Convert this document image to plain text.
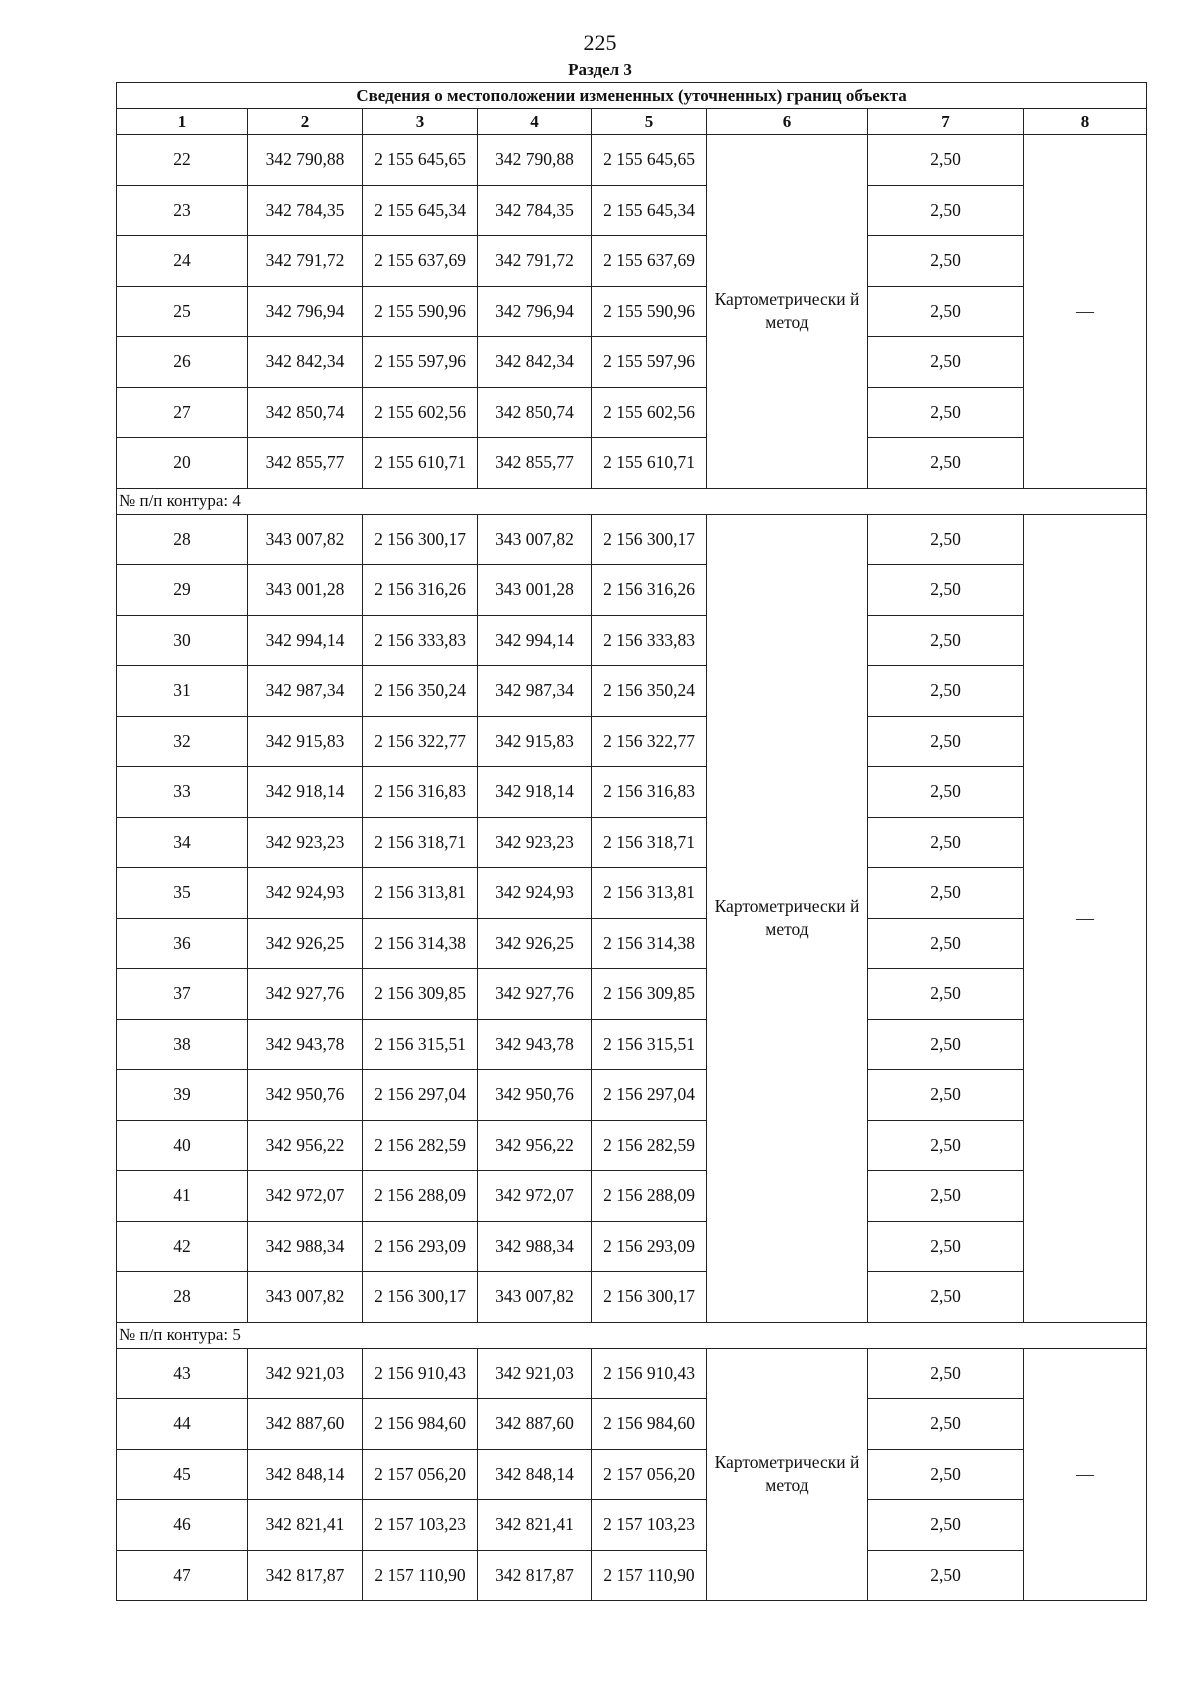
225
Раздел 3
Сведения о местоположении измененных (уточненных) границ объекта							
1	2	3	4	5	6	7	8
22	342 790,88	2 155 645,65	342 790,88	2 155 645,65	Картометрически й метод	2,50	—
23	342 784,35	2 155 645,34	342 784,35	2 155 645,34		2,50	
24	342 791,72	2 155 637,69	342 791,72	2 155 637,69		2,50	
25	342 796,94	2 155 590,96	342 796,94	2 155 590,96		2,50	
26	342 842,34	2 155 597,96	342 842,34	2 155 597,96		2,50	
27	342 850,74	2 155 602,56	342 850,74	2 155 602,56		2,50	
20	342 855,77	2 155 610,71	342 855,77	2 155 610,71		2,50	
№ п/п контура: 4							
28	343 007,82	2 156 300,17	343 007,82	2 156 300,17	Картометрически й метод	2,50	—
29	343 001,28	2 156 316,26	343 001,28	2 156 316,26		2,50	
30	342 994,14	2 156 333,83	342 994,14	2 156 333,83		2,50	
31	342 987,34	2 156 350,24	342 987,34	2 156 350,24		2,50	
32	342 915,83	2 156 322,77	342 915,83	2 156 322,77		2,50	
33	342 918,14	2 156 316,83	342 918,14	2 156 316,83		2,50	
34	342 923,23	2 156 318,71	342 923,23	2 156 318,71		2,50	
35	342 924,93	2 156 313,81	342 924,93	2 156 313,81		2,50	
36	342 926,25	2 156 314,38	342 926,25	2 156 314,38		2,50	
37	342 927,76	2 156 309,85	342 927,76	2 156 309,85		2,50	
38	342 943,78	2 156 315,51	342 943,78	2 156 315,51		2,50	
39	342 950,76	2 156 297,04	342 950,76	2 156 297,04		2,50	
40	342 956,22	2 156 282,59	342 956,22	2 156 282,59		2,50	
41	342 972,07	2 156 288,09	342 972,07	2 156 288,09		2,50	
42	342 988,34	2 156 293,09	342 988,34	2 156 293,09		2,50	
28	343 007,82	2 156 300,17	343 007,82	2 156 300,17		2,50	
№ п/п контура: 5							
43	342 921,03	2 156 910,43	342 921,03	2 156 910,43	Картометрически й метод	2,50	—
44	342 887,60	2 156 984,60	342 887,60	2 156 984,60		2,50	
45	342 848,14	2 157 056,20	342 848,14	2 157 056,20		2,50	
46	342 821,41	2 157 103,23	342 821,41	2 157 103,23		2,50	
47	342 817,87	2 157 110,90	342 817,87	2 157 110,90		2,50	
